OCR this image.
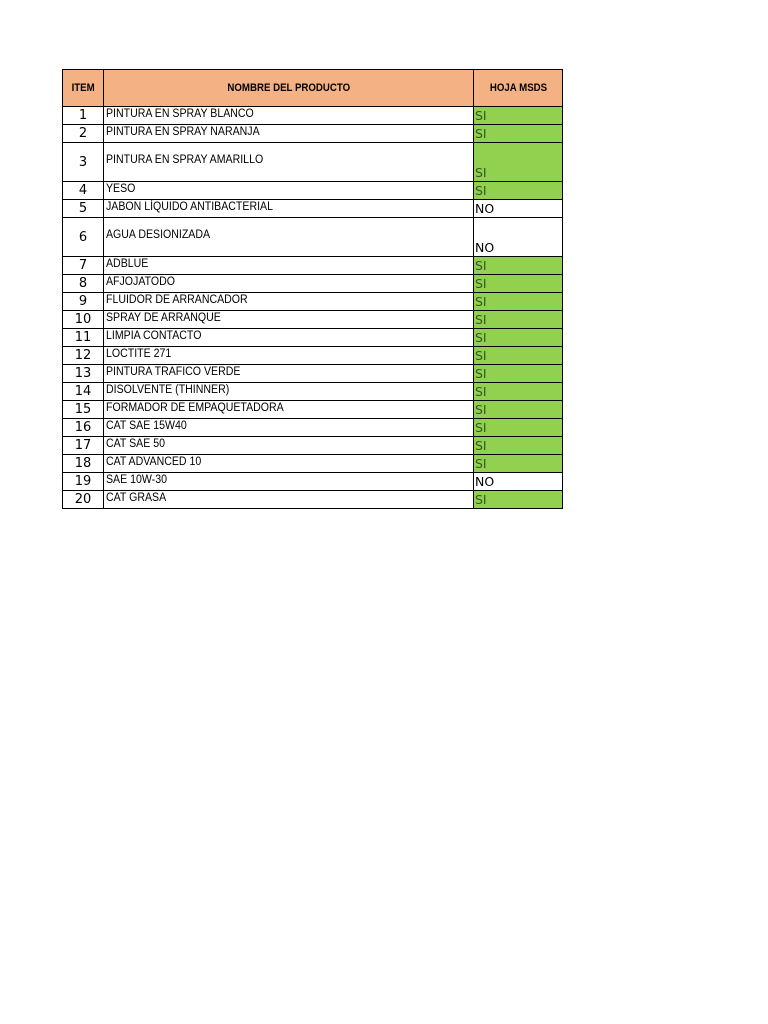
ITEM	NOMBRE DEL PRODUCTO	HOJA MSDS
1	PINTURA EN SPRAY BLANCO	SI
2	PINTURA EN SPRAY NARANJA	SI
3	PINTURA EN SPRAY AMARILLO	SI
4	YESO	SI
5	JABON LÍQUIDO ANTIBACTERIAL	NO
6	AGUA DESIONIZADA	NO
7	ADBLUE	SI
8	AFJOJATODO	SI
9	FLUIDOR DE ARRANCADOR	SI
10	SPRAY DE ARRANQUE	SI
11	LIMPIA CONTACTO	SI
12	LOCTITE 271	SI
13	PINTURA TRAFICO VERDE	SI
14	DISOLVENTE (THINNER)	SI
15	FORMADOR DE EMPAQUETADORA	SI
16	CAT SAE 15W40	SI
17	CAT SAE 50	SI
18	CAT ADVANCED 10	SI
19	SAE 10W-30	NO
20	CAT GRASA	SI
